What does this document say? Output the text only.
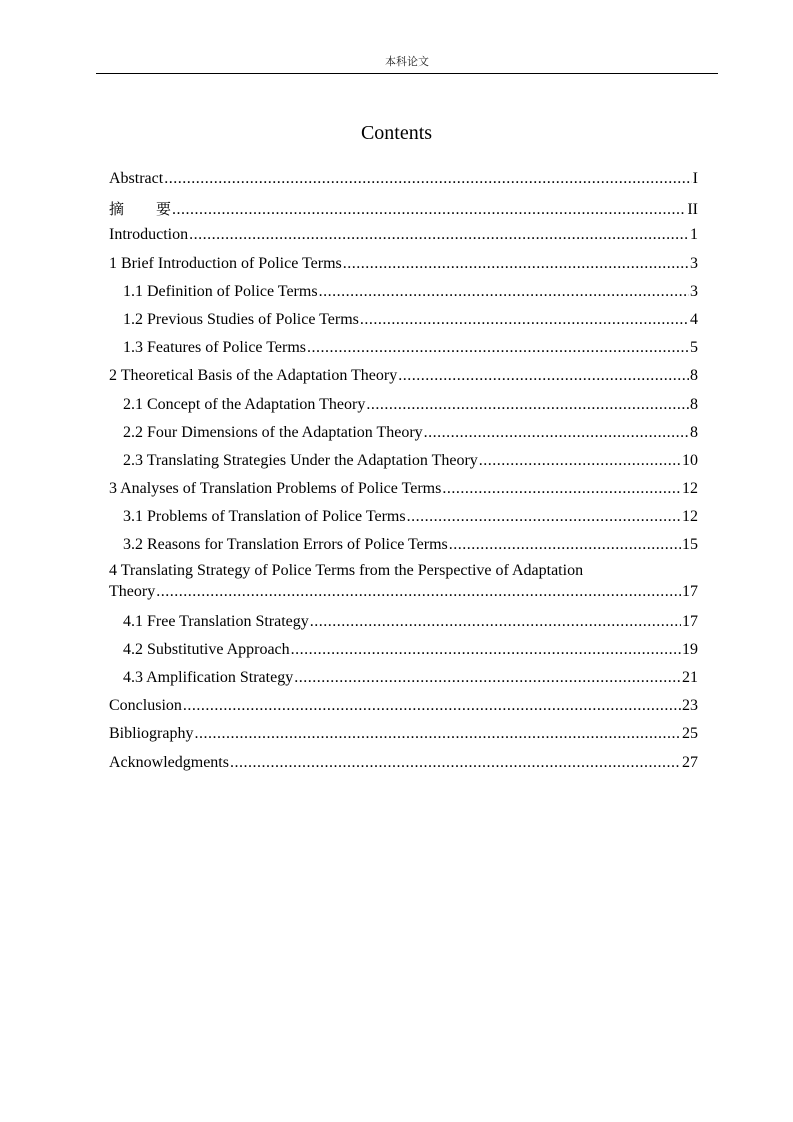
本科论文
Contents
Abstract .....	I
摘 要 .....	II
Introduction .....	1
1 Brief Introduction of Police Terms .....	3
1.1 Definition of Police Terms .....	3
1.2 Previous Studies of Police Terms .....	4
1.3 Features of Police Terms .....	5
2 Theoretical Basis of the Adaptation Theory .....	8
2.1 Concept of the Adaptation Theory .....	8
2.2 Four Dimensions of the Adaptation Theory .....	8
2.3 Translating Strategies Under the Adaptation Theory .....	10
3 Analyses of Translation Problems of Police Terms .....	12
3.1 Problems of Translation of Police Terms .....	12
3.2 Reasons for Translation Errors of Police Terms .....	15
4 Translating Strategy of Police Terms from the Perspective of Adaptation
Theory .....	17
4.1 Free Translation Strategy .....	17
4.2 Substitutive Approach .....	19
4.3 Amplification Strategy .....	21
Conclusion .....	23
Bibliography .....	25
Acknowledgments .....	27
